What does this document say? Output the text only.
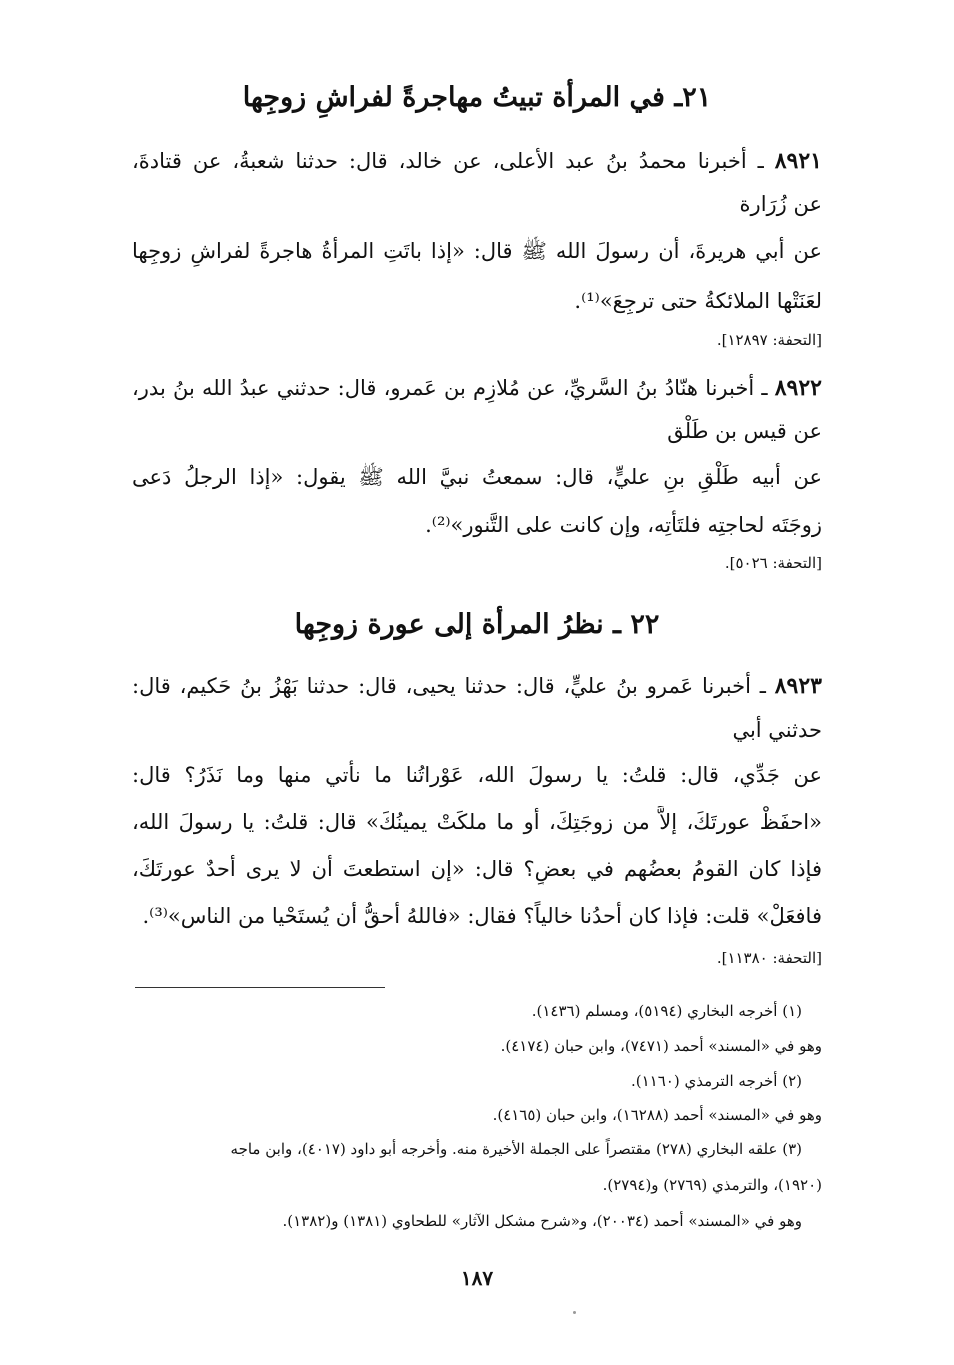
٢١ـ في المرأة تبيتُ مهاجرةً لفراشِ زوجِها
٨٩٢١ ـ أخبرنا محمدُ بنُ عبد الأعلى، عن خالد، قال: حدثنا شعبةُ، عن قتادةَ،
عن زُرَارة
عن أبي هريرةَ، أن رسولَ الله ﷺ قال: «إذا باتَتِ المرأةُ هاجرةً لفراشِ زوجِها
لعَنَتْها الملائكةُ حتى ترجِعَ»⁽¹⁾.
[التحفة: ١٢٨٩٧].
٨٩٢٢ ـ أخبرنا هنّادُ بنُ السَّريِّ، عن مُلازِم بن عَمرو، قال: حدثني عبدُ الله بنُ بدر،
عن قيس بن طَلْق
عن أبيه طَلْقِ بنِ عليٍّ، قال: سمعتُ نبيَّ الله ﷺ يقول: «إذا الرجلُ دَعى
زوجَتَه لحاجتِه فلتَأْتِه، وإن كانت على التَّنور»⁽²⁾.
[التحفة: ٥٠٢٦].
٢٢ ـ نظرُ المرأة إلى عورة زوجِها
٨٩٢٣ ـ أخبرنا عَمرو بنُ عليٍّ، قال: حدثنا يحيى، قال: حدثنا بَهْزُ بنُ حَكيم، قال:
حدثني أبي
عن جَدِّي، قال: قلتُ: يا رسولَ الله، عَوْراتُنا ما نأتي منها وما نَذَرُ؟ قال:
«احفَظْ عورتَكَ، إلاَّ من زوجَتِكَ، أو ما ملكَتْ يمينُكَ» قال: قلتُ: يا رسولَ الله،
فإذا كان القومُ بعضُهم في بعضٍ؟ قال: «إن استطعتَ أن لا يرى أحدٌ عورتَكَ،
فافعَلْ» قلت: فإذا كان أحدُنا خالياً؟ فقال: «فاللهُ أحقُّ أن يُستَحْيا من الناس»⁽³⁾.
[التحفة: ١١٣٨٠].
(١) أخرجه البخاري (٥١٩٤)، ومسلم (١٤٣٦).
وهو في «المسند» أحمد (٧٤٧١)، وابن حبان (٤١٧٤).
(٢) أخرجه الترمذي (١١٦٠).
وهو في «المسند» أحمد (١٦٢٨٨)، وابن حبان (٤١٦٥).
(٣) علقه البخاري (٢٧٨) مقتصراً على الجملة الأخيرة منه. وأخرجه أبو داود (٤٠١٧)، وابن ماجه
(١٩٢٠)، والترمذي (٢٧٦٩) و(٢٧٩٤).
وهو في «المسند» أحمد (٢٠٠٣٤)، و«شرح مشكل الآثار» للطحاوي (١٣٨١) و(١٣٨٢).
١٨٧
